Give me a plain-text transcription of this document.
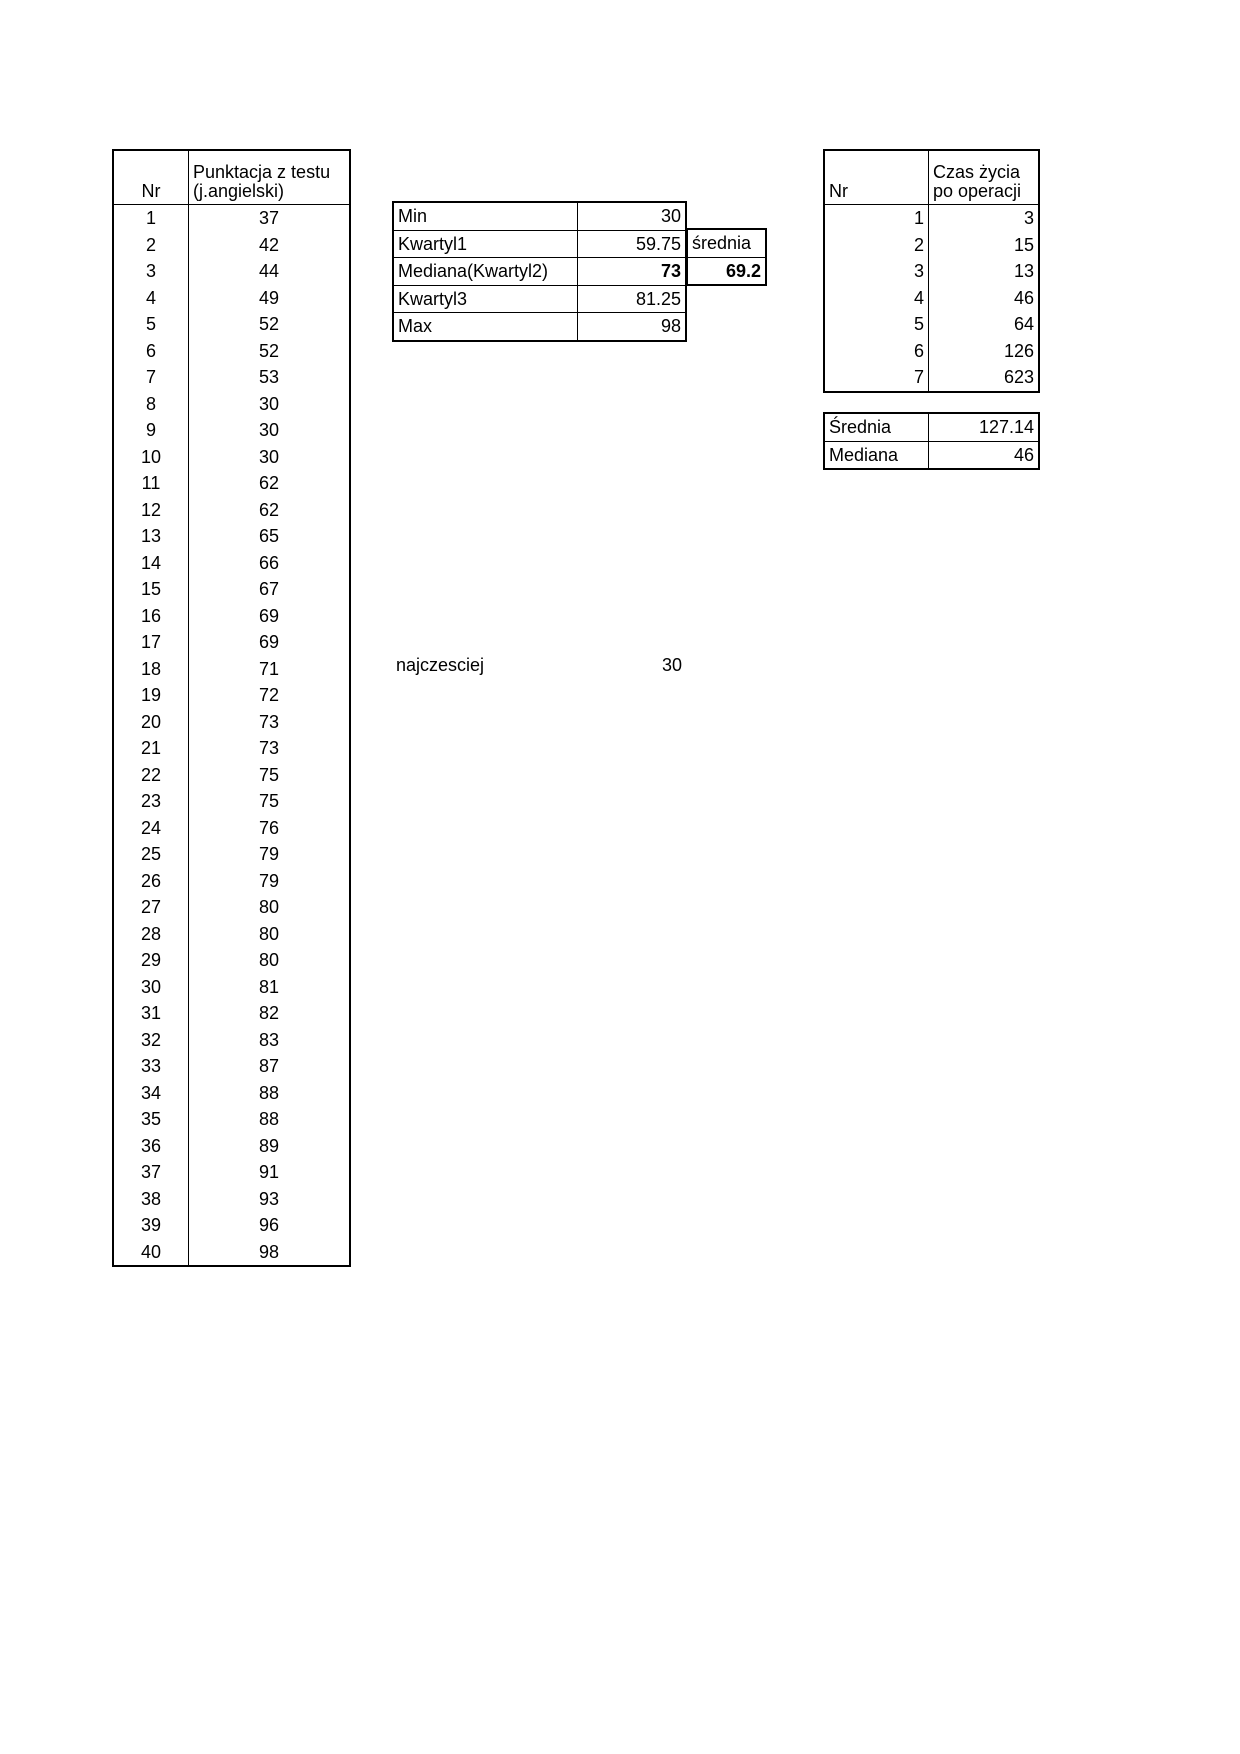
Nr	Punktacja z testu (j.angielski)
1	37
2	42
3	44
4	49
5	52
6	52
7	53
8	30
9	30
10	30
11	62
12	62
13	65
14	66
15	67
16	69
17	69
18	71
19	72
20	73
21	73
22	75
23	75
24	76
25	79
26	79
27	80
28	80
29	80
30	81
31	82
32	83
33	87
34	88
35	88
36	89
37	91
38	93
39	96
40	98
Min	30
Kwartyl1	59.75
Mediana(Kwartyl2)	73
Kwartyl3	81.25
Max	98
średnia
69.2
najczesciej	30
Nr	Czas życia po operacji
1	3
2	15
3	13
4	46
5	64
6	126
7	623
Średnia	127.14
Mediana	46
